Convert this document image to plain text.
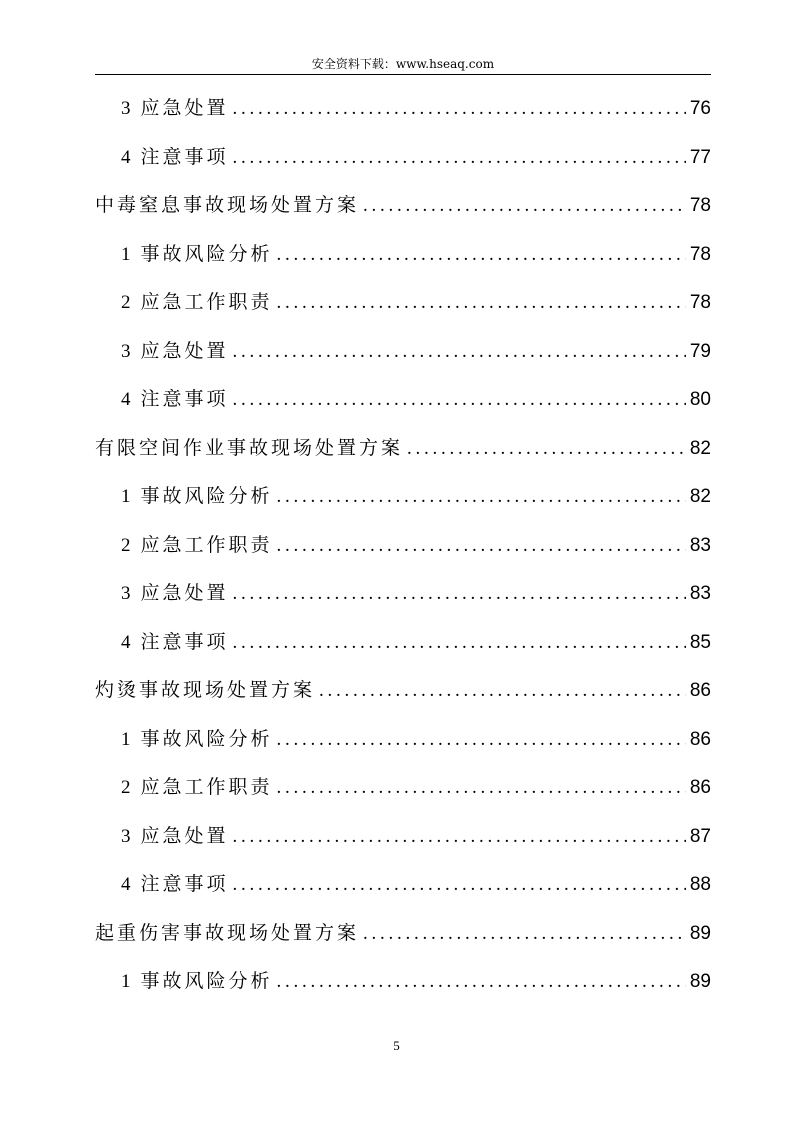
安全资料下载：www.hseaq.com
3 应急处置 . . .	76
4 注意事项 . . .	77
中毒窒息事故现场处置方案 . . .	78
1 事故风险分析 . . .	78
2 应急工作职责 . . .	78
3 应急处置 . . .	79
4 注意事项 . . .	80
有限空间作业事故现场处置方案 . . .	82
1 事故风险分析 . . .	82
2 应急工作职责 . . .	83
3 应急处置 . . .	83
4 注意事项 . . .	85
灼烫事故现场处置方案 . . .	86
1 事故风险分析 . . .	86
2 应急工作职责 . . .	86
3 应急处置 . . .	87
4 注意事项 . . .	88
起重伤害事故现场处置方案 . . .	89
1 事故风险分析 . . .	89
5
